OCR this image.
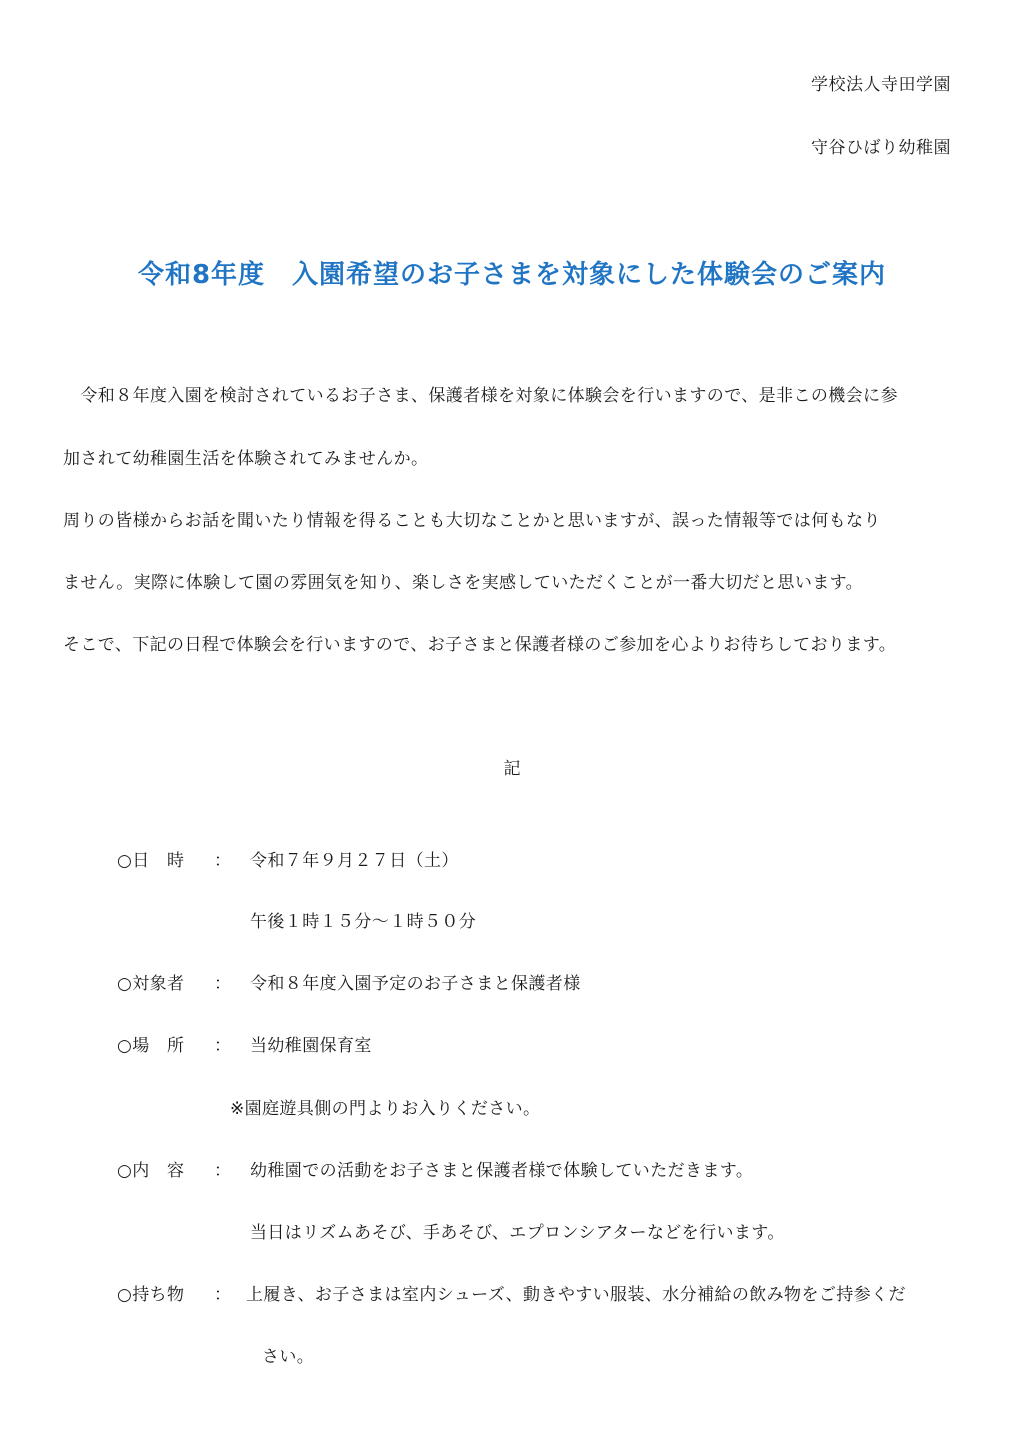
学校法人寺田学園
守谷ひばり幼稚園
令和8年度　入園希望のお子さまを対象にした体験会のご案内
　令和８年度入園を検討されているお子さま、保護者様を対象に体験会を行いますので、是非この機会に参
加されて幼稚園生活を体験されてみませんか。
周りの皆様からお話を聞いたり情報を得ることも大切なことかと思いますが、誤った情報等では何もなり
ません。実際に体験して園の雰囲気を知り、楽しさを実感していただくことが一番大切だと思います。
そこで、下記の日程で体験会を行いますので、お子さまと保護者様のご参加を心よりお待ちしております。
記
○日　時 ： 令和７年９月２７日（土）
午後１時１５分～１時５０分
○対象者 ： 令和８年度入園予定のお子さまと保護者様
○場　所 ： 当幼稚園保育室
※園庭遊具側の門よりお入りください。
○内　容 ： 幼稚園での活動をお子さまと保護者様で体験していただきます。
当日はリズムあそび、手あそび、エプロンシアターなどを行います。
○持ち物 ： 上履き、お子さまは室内シューズ、動きやすい服装、水分補給の飲み物をご持参くだ
さい。
